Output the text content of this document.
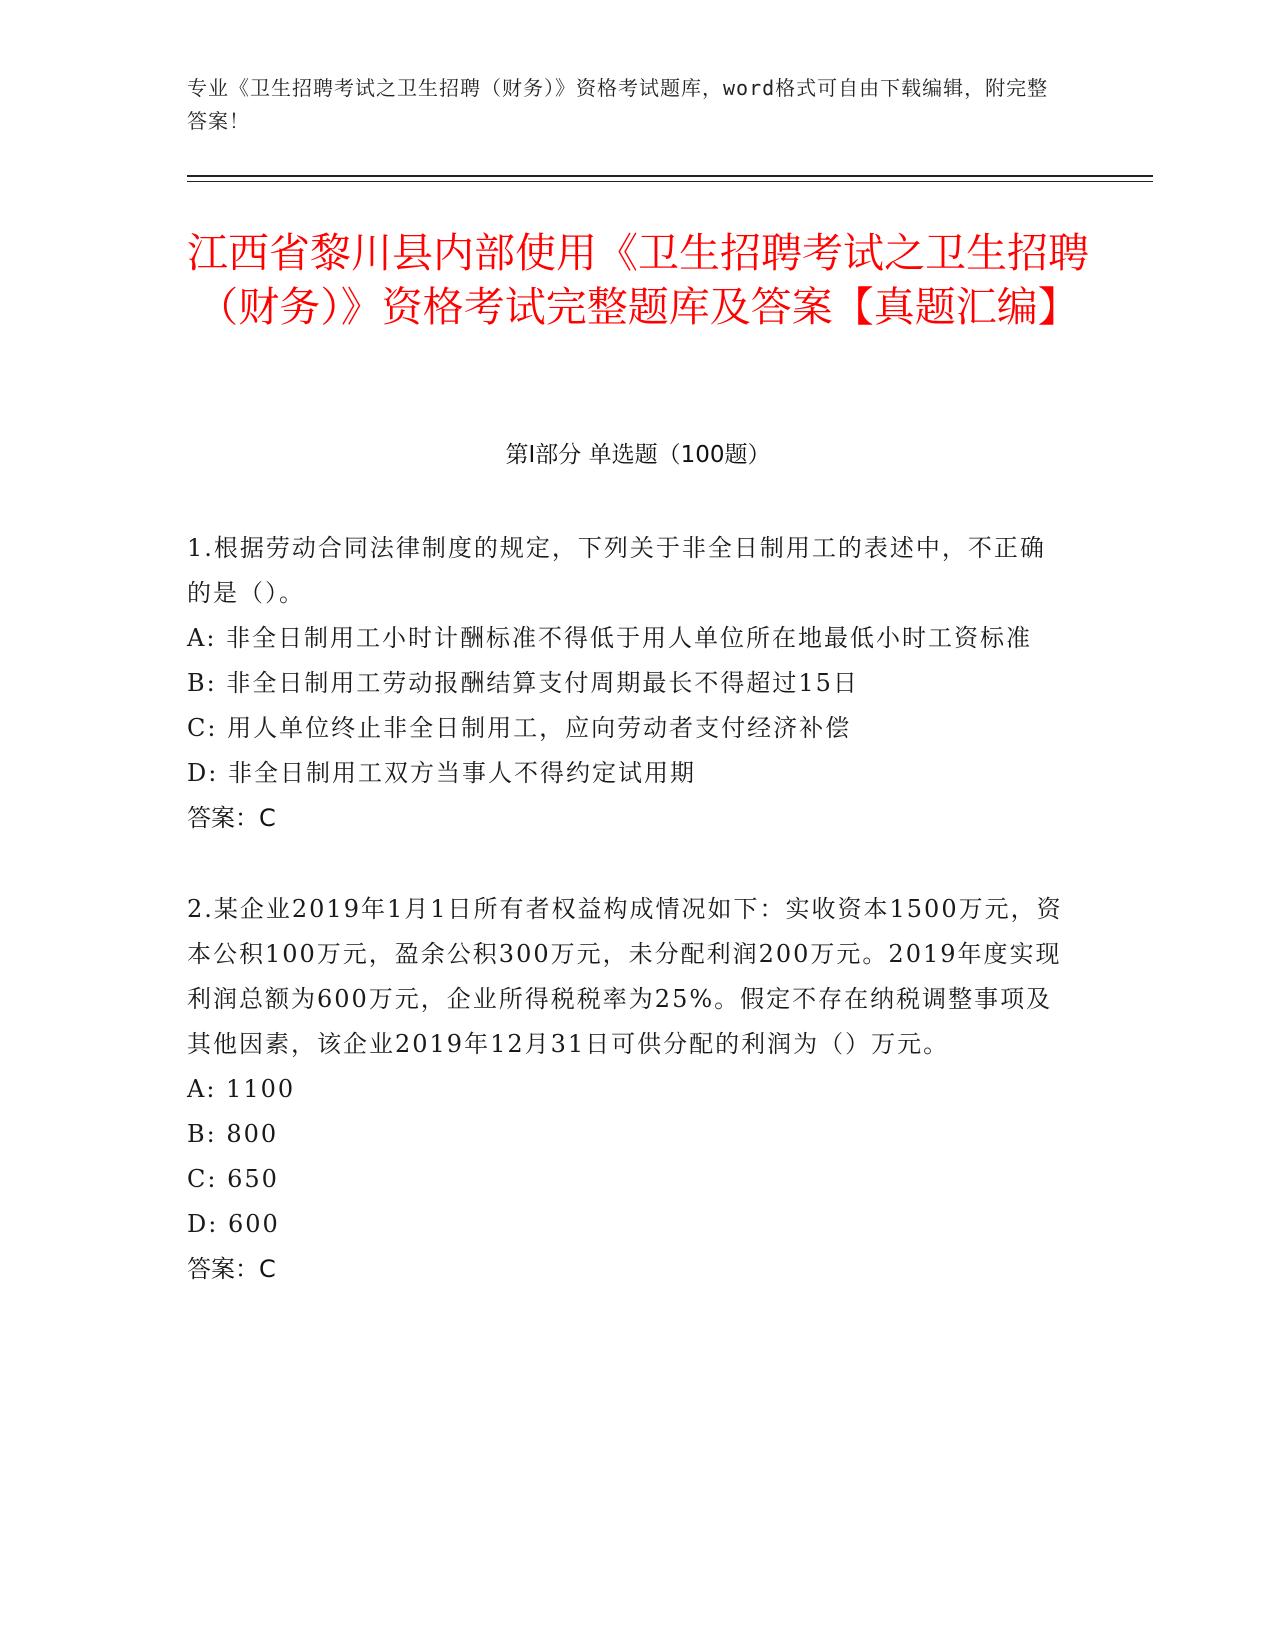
专业《卫生招聘考试之卫生招聘（财务）》资格考试题库，word格式可自由下载编辑，附完整答案！
江西省黎川县内部使用《卫生招聘考试之卫生招聘（财务）》资格考试完整题库及答案【真题汇编】
第Ⅰ部分 单选题（100题）
1.根据劳动合同法律制度的规定，下列关于非全日制用工的表述中，不正确的是（）。
A: 非全日制用工小时计酬标准不得低于用人单位所在地最低小时工资标准
B: 非全日制用工劳动报酬结算支付周期最长不得超过15日
C: 用人单位终止非全日制用工，应向劳动者支付经济补偿
D: 非全日制用工双方当事人不得约定试用期
答案：C
2.某企业2019年1月1日所有者权益构成情况如下：实收资本1500万元，资本公积100万元，盈余公积300万元，未分配利润200万元。2019年度实现利润总额为600万元，企业所得税税率为25%。假定不存在纳税调整事项及其他因素，该企业2019年12月31日可供分配的利润为（）万元。
A: 1100
B: 800
C: 650
D: 600
答案：C
